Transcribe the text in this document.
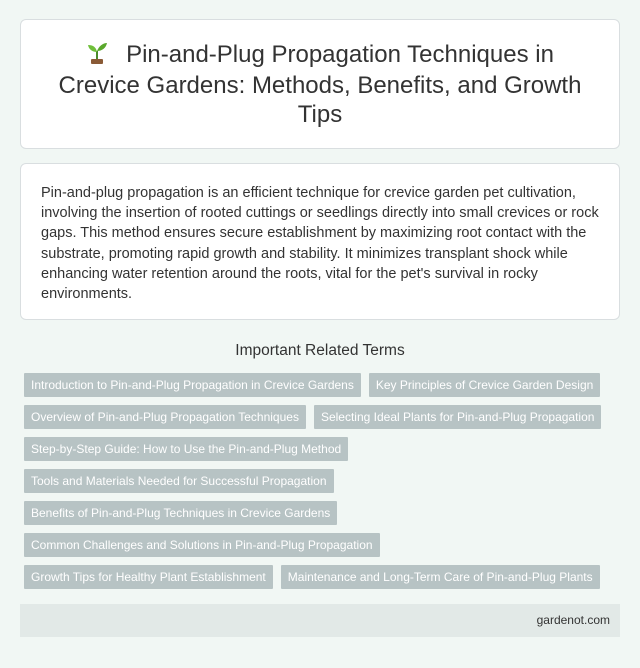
Pin-and-Plug Propagation Techniques in Crevice Gardens: Methods, Benefits, and Growth Tips

Pin-and-plug propagation is an efficient technique for crevice garden pet cultivation, involving the insertion of rooted cuttings or seedlings directly into small crevices or rock gaps. This method ensures secure establishment by maximizing root contact with the substrate, promoting rapid growth and stability. It minimizes transplant shock while enhancing water retention around the roots, vital for the pet's survival in rocky environments.

Important Related Terms
Introduction to Pin-and-Plug Propagation in Crevice Gardens	Key Principles of Crevice Garden Design
Overview of Pin-and-Plug Propagation Techniques	Selecting Ideal Plants for Pin-and-Plug Propagation
Step-by-Step Guide: How to Use the Pin-and-Plug Method
Tools and Materials Needed for Successful Propagation
Benefits of Pin-and-Plug Techniques in Crevice Gardens
Common Challenges and Solutions in Pin-and-Plug Propagation
Growth Tips for Healthy Plant Establishment	Maintenance and Long-Term Care of Pin-and-Plug Plants
gardenot.com
